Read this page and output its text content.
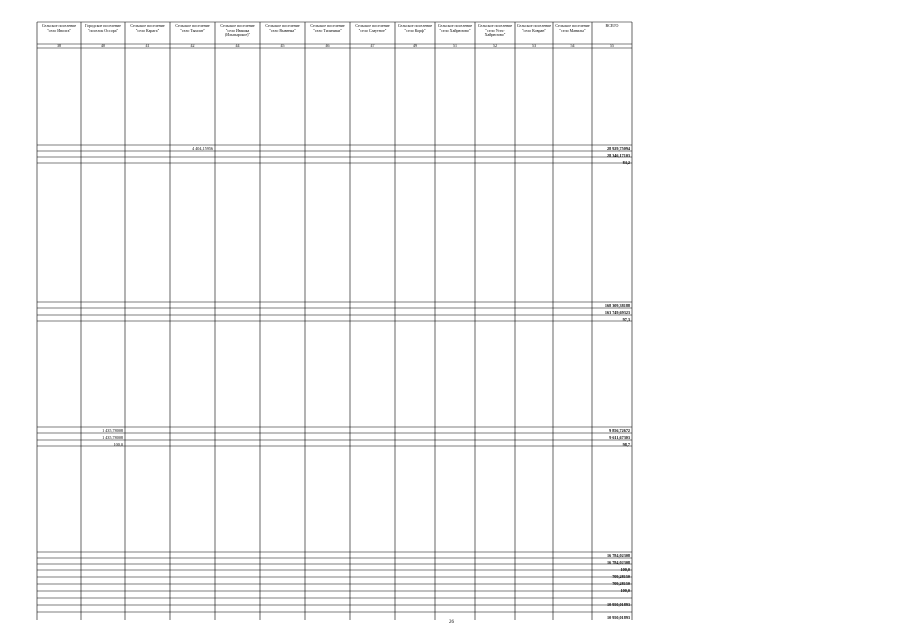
Сельское поселение "село Иволга"
38
Городское поселение "поселок Оссора"
40
Сельское поселение "село Карага"
41
Сельское поселение "село Тымлат"
42
Сельское поселение "село Ивашка (Ильпырское)"
44
Сельское поселение "село Вывенка"
45
Сельское поселение "село Тиличики"
46
Сельское поселение "село Слаутное"
47
Сельское поселение "село Корф"
49
Сельское поселение "село Хайрюзово"
51
Сельское поселение "село Усть-Хайрюзово"
52
Сельское поселение "село Ковран"
53
Сельское поселение "село Манилы"
54
ВСЕГО
55
4 404,15956	28 929,75094
28 346,17103
84,2
168 309,38188
163 749,69323
97,3
1 435,78008
1 435,78008
100,0
9 856,72672
9 611,67303
98,7
16 784,02308
16 784,02308
100,0
709,28150
709,28150
100,0
10 950,01893
10 950,01893
26
